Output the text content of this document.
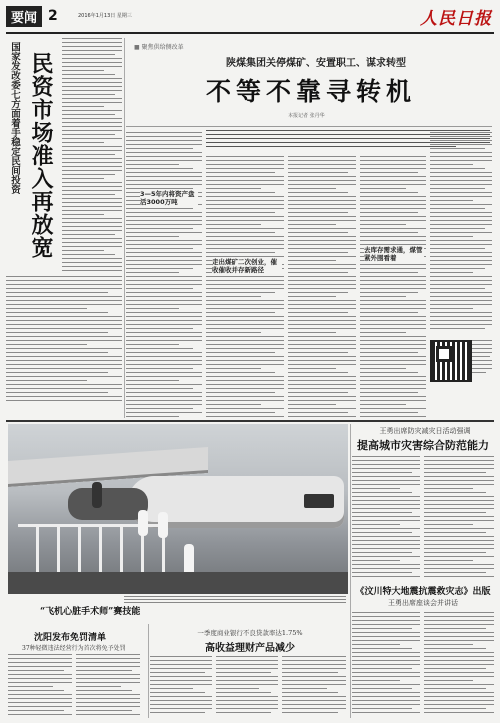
要闻 2	2016年1月13日 星期三	人民日报
国家发改委七方面着手稳定民间投资 民资市场准入再放宽
■ 聚焦供给侧改革
陕煤集团关停煤矿、安置职工、谋求转型
不等不靠寻转机
本报记者 张丹华
3—5年内将资产盘活3000万吨
走出煤矿二次创业，催收催收并存新路径
去库存需求通，煤管紧外围看着
“飞机心脏手术师”赛技能
王勇出席防灾减灾日活动强调
提高城市灾害综合防范能力
《汶川特大地震抗震救灾志》出版
王勇出席座谈会并讲话
沈阳发布免罚清单
37种轻微违法经营行为首次将免予处罚
一季度商业银行不良贷款率达1.75%
高收益理财产品减少
